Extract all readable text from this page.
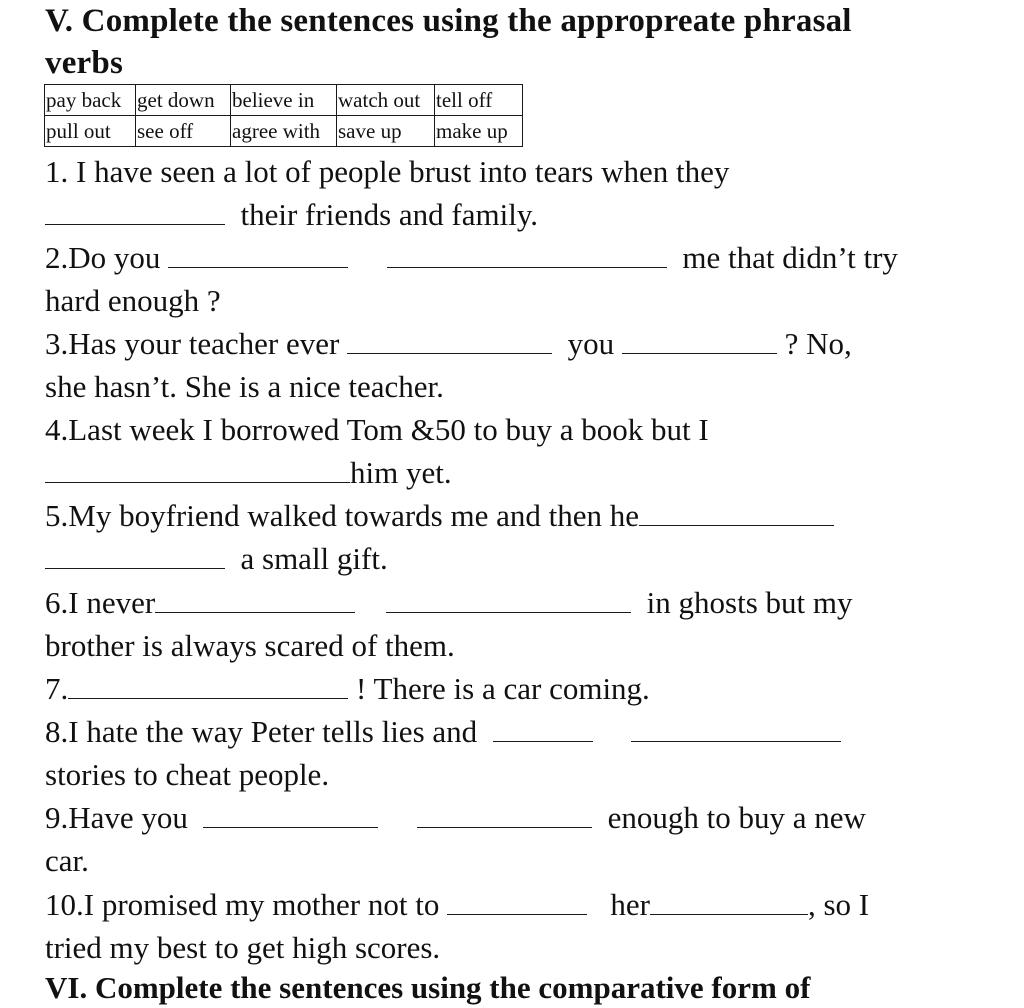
V. Complete the sentences using the appropreate phrasal
verbs
pay back	get down	believe in	watch out	tell off
pull out	see off	agree with	save up	make up
1. I have seen a lot of people brust into tears when they
their friends and family.
2.Do you	me that didn’t try
hard enough ?
3.Has your teacher ever	you	? No,
she hasn’t. She is a nice teacher.
4.Last week I borrowed Tom &50 to buy a book but I
him yet.
5.My boyfriend walked towards me and then he
a small gift.
6.I never	in ghosts but my
brother is always scared of them.
7.	! There is a car coming.
8.I hate the way Peter tells lies and
stories to cheat people.
9.Have you	enough to buy a new
car.
10.I promised my mother not to	her	, so I
tried my best to get high scores.
VI. Complete the sentences using the comparative form of
